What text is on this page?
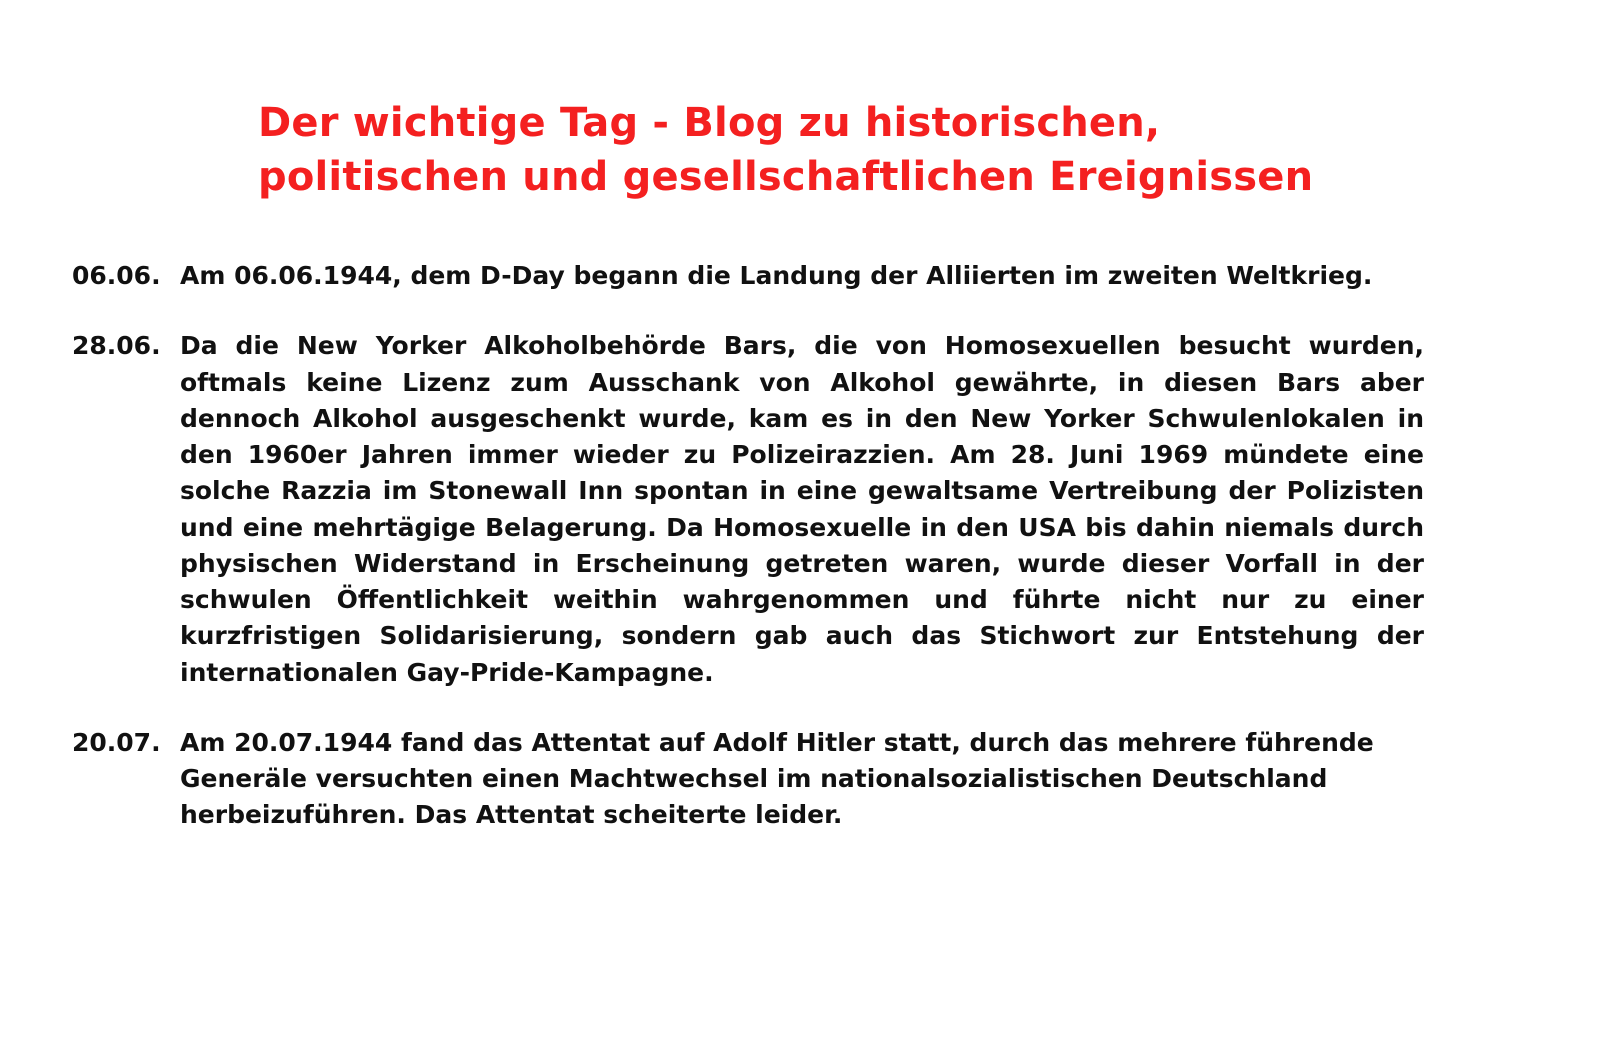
Der wichtige Tag - Blog zu historischen,
politischen und gesellschaftlichen Ereignissen
06.06. Am 06.06.1944, dem D-Day begann die Landung der Alliierten im zweiten Weltkrieg.
28.06. Da die New Yorker Alkoholbehörde Bars, die von Homosexuellen besucht wurden, oftmals keine Lizenz zum Ausschank von Alkohol gewährte, in diesen Bars aber dennoch Alkohol ausgeschenkt wurde, kam es in den New Yorker Schwulenlokalen in den 1960er Jahren immer wieder zu Polizeirazzien. Am 28. Juni 1969 mündete eine solche Razzia im Stonewall Inn spontan in eine gewaltsame Vertreibung der Polizisten und eine mehrtägige Belagerung. Da Homosexuelle in den USA bis dahin niemals durch physischen Widerstand in Erscheinung getreten waren, wurde dieser Vorfall in der schwulen Öffentlichkeit weithin wahrgenommen und führte nicht nur zu einer kurzfristigen Solidarisierung, sondern gab auch das Stichwort zur Entstehung der internationalen Gay-Pride-Kampagne.
20.07. Am 20.07.1944 fand das Attentat auf Adolf Hitler statt, durch das mehrere führende Generäle versuchten einen Machtwechsel im nationalsozialistischen Deutschland herbeizuführen. Das Attentat scheiterte leider.
